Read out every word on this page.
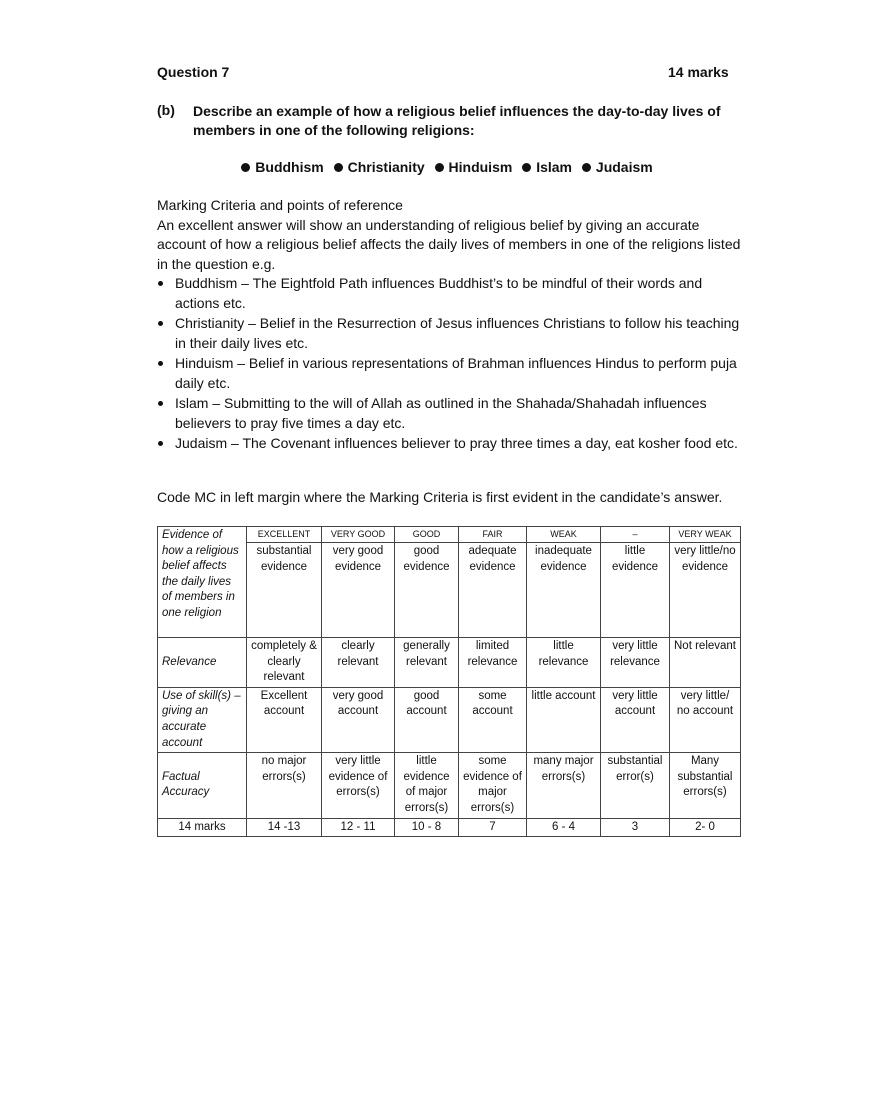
Question 7	14 marks
(b) Describe an example of how a religious belief influences the day-to-day lives of members in one of the following religions:
Buddhism Christianity Hinduism Islam Judaism

Marking Criteria and points of reference

An excellent answer will show an understanding of religious belief by giving an accurate account of how a religious belief affects the daily lives of members in one of the religions listed in the question e.g.

Buddhism – The Eightfold Path influences Buddhist’s to be mindful of their words and actions etc.
Christianity – Belief in the Resurrection of Jesus influences Christians to follow his teaching in their daily lives etc.
Hinduism – Belief in various representations of Brahman influences Hindus to perform puja daily etc.
Islam – Submitting to the will of Allah as outlined in the Shahada/Shahadah influences believers to pray five times a day etc.
Judaism – The Covenant influences believer to pray three times a day, eat kosher food etc.
Code MC in left margin where the Marking Criteria is first evident in the candidate’s answer.
Evidence of how a religious belief affects the daily lives of members in one religion	EXCELLENT	VERY GOOD	GOOD	FAIR	WEAK	–	VERY WEAK
	substantial evidence	very good evidence	good evidence	adequate evidence	inadequate evidence	little evidence	very little/no evidence
Relevance	completely & clearly relevant	clearly relevant	generally relevant	limited relevance	little relevance	very little relevance	Not relevant
Use of skill(s) – giving an accurate account	Excellent account	very good account	good account	some account	little account	very little account	very little/ no account
Factual Accuracy	no major errors(s)	very little evidence of errors(s)	little evidence of major errors(s)	some evidence of major errors(s)	many major errors(s)	substantial error(s)	Many substantial errors(s)
14 marks	14 -13	12 - 11	10 - 8	7	6 - 4	3	2- 0
